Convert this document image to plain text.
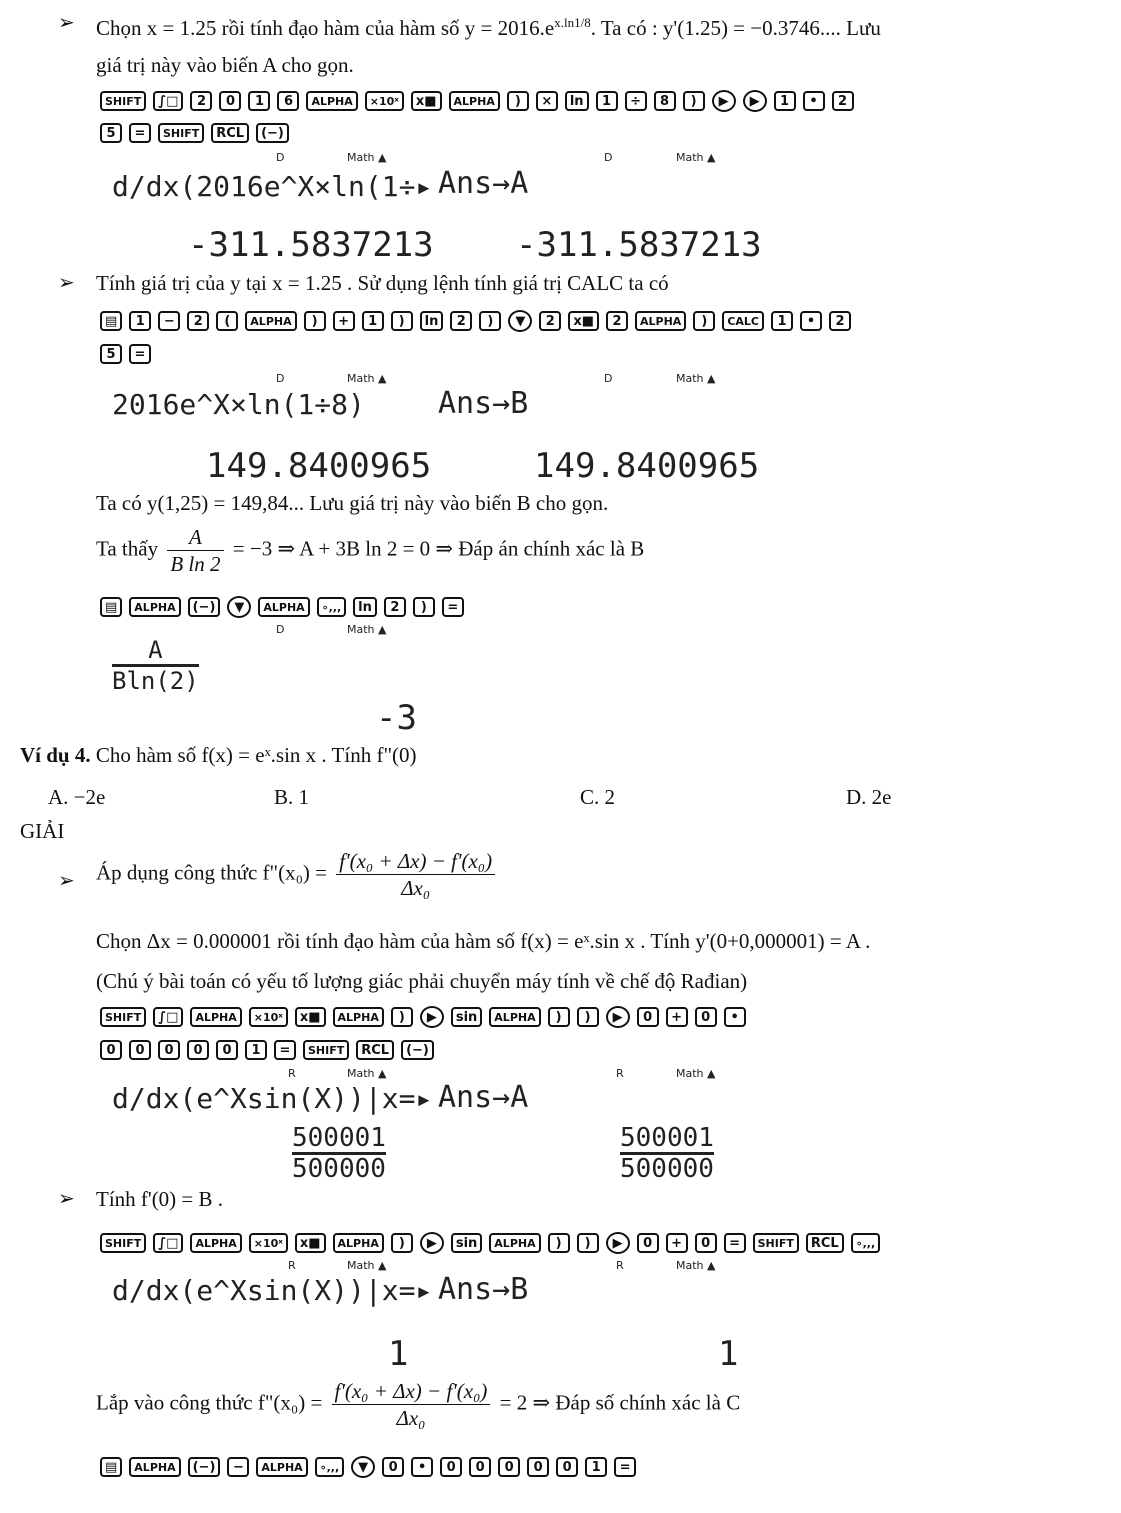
➢ Chọn x = 1.25 rồi tính đạo hàm của hàm số $y = 2016.e^{x.ln1/8}$. Ta có : y'(1.25) = −0.3746.... Lưu
giá trị này vào biến A cho gọn.
SHIFT	∫□	2	0	1	6	ALPHA	×10ˣ	x■	ALPHA	)	×	ln	1	÷	8	)	▶	▶	1	•	2
5	=	SHIFT	RCL	(−)
D	Math ▲	D	Math ▲
d/dx(2016e^X×ln(1÷▸ Ans→A
-311.5837213 -311.5837213
➢ Tính giá trị của y tại x = 1.25 . Sử dụng lệnh tính giá trị CALC ta có
▤	1	−	2	(	ALPHA	)	+	1	)	ln	2	)	▼	2	x■	2	ALPHA	)	CALC	1	•	2
5	=
D	Math ▲	D	Math ▲
2016e^X×ln(1÷8) Ans→B
149.8400965	149.8400965
Ta có y(1,25) = 149,84... Lưu giá trị này vào biến B cho gọn.
Ta thấy $\frac{A}{\text{B ln 2}} = -3$ ⇒ A + 3B ln 2 = 0 ⇒ Đáp án chính xác là B
▤	ALPHA	(−)	▼	ALPHA	∘,,,	ln	2	)	=
D	Math ▲
$\frac{A}{Bln(2)}$
-3
Ví dụ 4. Cho hàm số f(x) = eˣ.sin x . Tính f"(0)
A. −2e	B. 1	C. 2	D. 2e
GIẢI
➢ Áp dụng công thức f"(x₀) = $\frac{\text{f'(x₀ + Δx) − f'(x₀)}}{\text{Δx₀}}$
Chọn Δx = 0.000001 rồi tính đạo hàm của hàm số f(x) = eˣ.sin x . Tính y'(0+0,000001) = A .
(Chú ý bài toán có yếu tố lượng giác phải chuyển máy tính về chế độ Rađian)
SHIFT	∫□	ALPHA	×10ˣ	x■	ALPHA	)	▶	sin	ALPHA	)	)	▶	0	+	0	•
0	0	0	0	0	1	=	SHIFT	RCL	(−)
R	Math ▲	R	Math ▲
d/dx(e^Xsin(X))|x=▸ Ans→A
$\frac{500001}{500000}$	$\frac{500001}{500000}$
➢ Tính f'(0) = B .
SHIFT	∫□	ALPHA	×10ˣ	x■	ALPHA	)	▶	sin	ALPHA	)	)	▶	0	+	0	=	SHIFT	RCL	∘,,,
R	Math ▲	R	Math ▲
d/dx(e^Xsin(X))|x=▸ Ans→B
1	1
Lắp vào công thức f"(x₀) = $\frac{\text{f'(x₀ + Δx) − f'(x₀)}}{\text{Δx₀}} = 2$ ⇒ Đáp số chính xác là C
▤	ALPHA	(−)	−	ALPHA	∘,,,	▼	0	•	0	0	0	0	0	1	=
